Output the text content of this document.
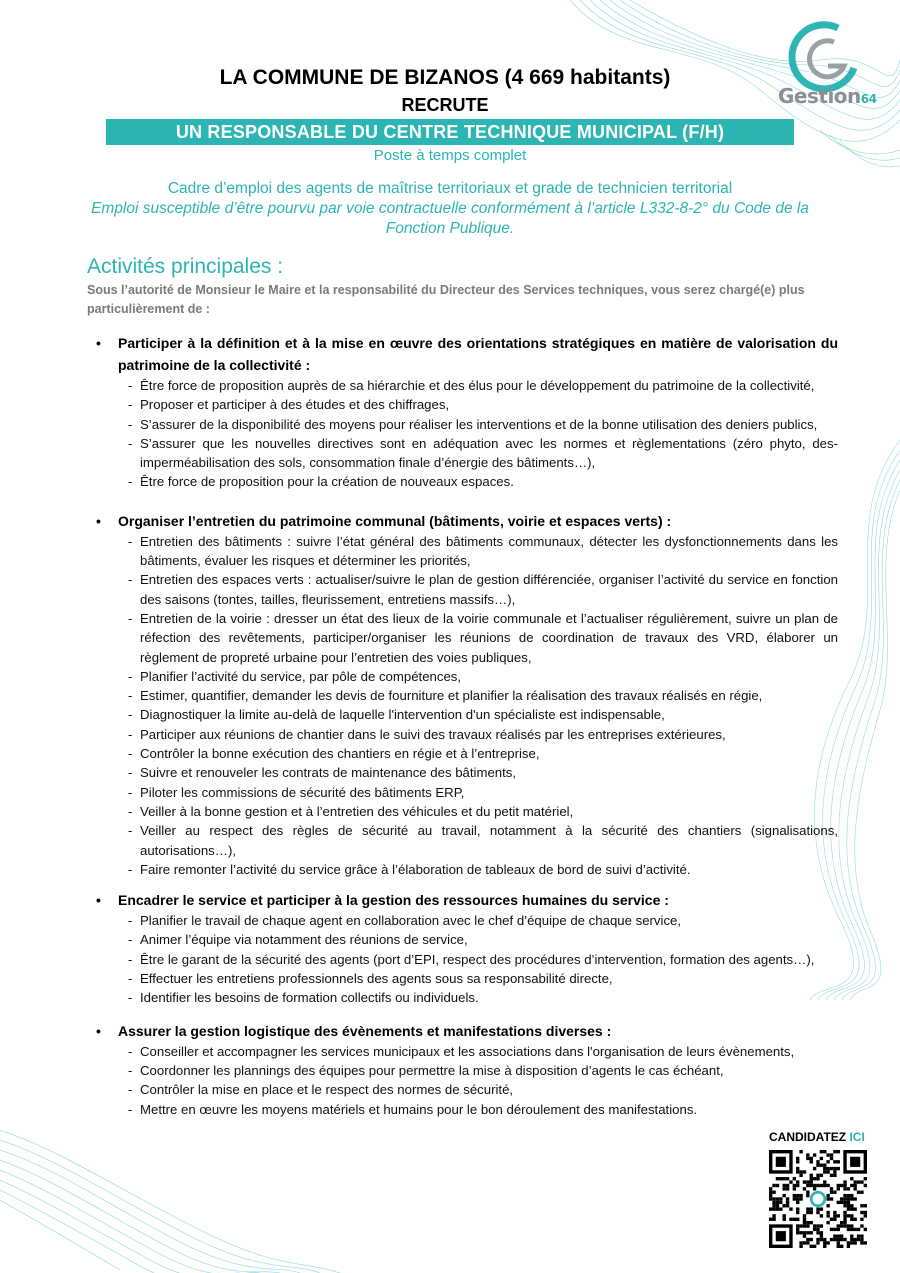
Gestion64
LA COMMUNE DE BIZANOS (4 669 habitants)
RECRUTE
UN RESPONSABLE DU CENTRE TECHNIQUE MUNICIPAL (F/H)
Poste à temps complet
Cadre d’emploi des agents de maîtrise territoriaux et grade de technicien territorial
Emploi susceptible d’être pourvu par voie contractuelle conformément à l’article L332-8-2° du Code de la Fonction Publique.
Activités principales :
Sous l’autorité de Monsieur le Maire et la responsabilité du Directeur des Services techniques, vous serez chargé(e) plus particulièrement de :
• Participer à la définition et à la mise en œuvre des orientations stratégiques en matière de valorisation du patrimoine de la collectivité :
- Être force de proposition auprès de sa hiérarchie et des élus pour le développement du patrimoine de la collectivité,
- Proposer et participer à des études et des chiffrages,
- S’assurer de la disponibilité des moyens pour réaliser les interventions et de la bonne utilisation des deniers publics,
- S’assurer que les nouvelles directives sont en adéquation avec les normes et règlementations (zéro phyto, des-imperméabilisation des sols, consommation finale d’énergie des bâtiments…),
- Être force de proposition pour la création de nouveaux espaces.
• Organiser l’entretien du patrimoine communal (bâtiments, voirie et espaces verts) :
- Entretien des bâtiments : suivre l’état général des bâtiments communaux, détecter les dysfonctionnements dans les bâtiments, évaluer les risques et déterminer les priorités,
- Entretien des espaces verts : actualiser/suivre le plan de gestion différenciée, organiser l’activité du service en fonction des saisons (tontes, tailles, fleurissement, entretiens massifs…),
- Entretien de la voirie : dresser un état des lieux de la voirie communale et l’actualiser régulièrement, suivre un plan de réfection des revêtements, participer/organiser les réunions de coordination de travaux des VRD, élaborer un règlement de propreté urbaine pour l’entretien des voies publiques,
- Planifier l’activité du service, par pôle de compétences,
- Estimer, quantifier, demander les devis de fourniture et planifier la réalisation des travaux réalisés en régie,
- Diagnostiquer la limite au-delà de laquelle l'intervention d'un spécialiste est indispensable,
- Participer aux réunions de chantier dans le suivi des travaux réalisés par les entreprises extérieures,
- Contrôler la bonne exécution des chantiers en régie et à l’entreprise,
- Suivre et renouveler les contrats de maintenance des bâtiments,
- Piloter les commissions de sécurité des bâtiments ERP,
- Veiller à la bonne gestion et à l’entretien des véhicules et du petit matériel,
- Veiller au respect des règles de sécurité au travail, notamment à la sécurité des chantiers (signalisations, autorisations…),
- Faire remonter l’activité du service grâce à l’élaboration de tableaux de bord de suivi d’activité.
• Encadrer le service et participer à la gestion des ressources humaines du service :
- Planifier le travail de chaque agent en collaboration avec le chef d’équipe de chaque service,
- Animer l’équipe via notamment des réunions de service,
- Être le garant de la sécurité des agents (port d’EPI, respect des procédures d’intervention, formation des agents…),
- Effectuer les entretiens professionnels des agents sous sa responsabilité directe,
- Identifier les besoins de formation collectifs ou individuels.
• Assurer la gestion logistique des évènements et manifestations diverses :
- Conseiller et accompagner les services municipaux et les associations dans l'organisation de leurs évènements,
- Coordonner les plannings des équipes pour permettre la mise à disposition d’agents le cas échéant,
- Contrôler la mise en place et le respect des normes de sécurité,
- Mettre en œuvre les moyens matériels et humains pour le bon déroulement des manifestations.
CANDIDATEZ ICI
